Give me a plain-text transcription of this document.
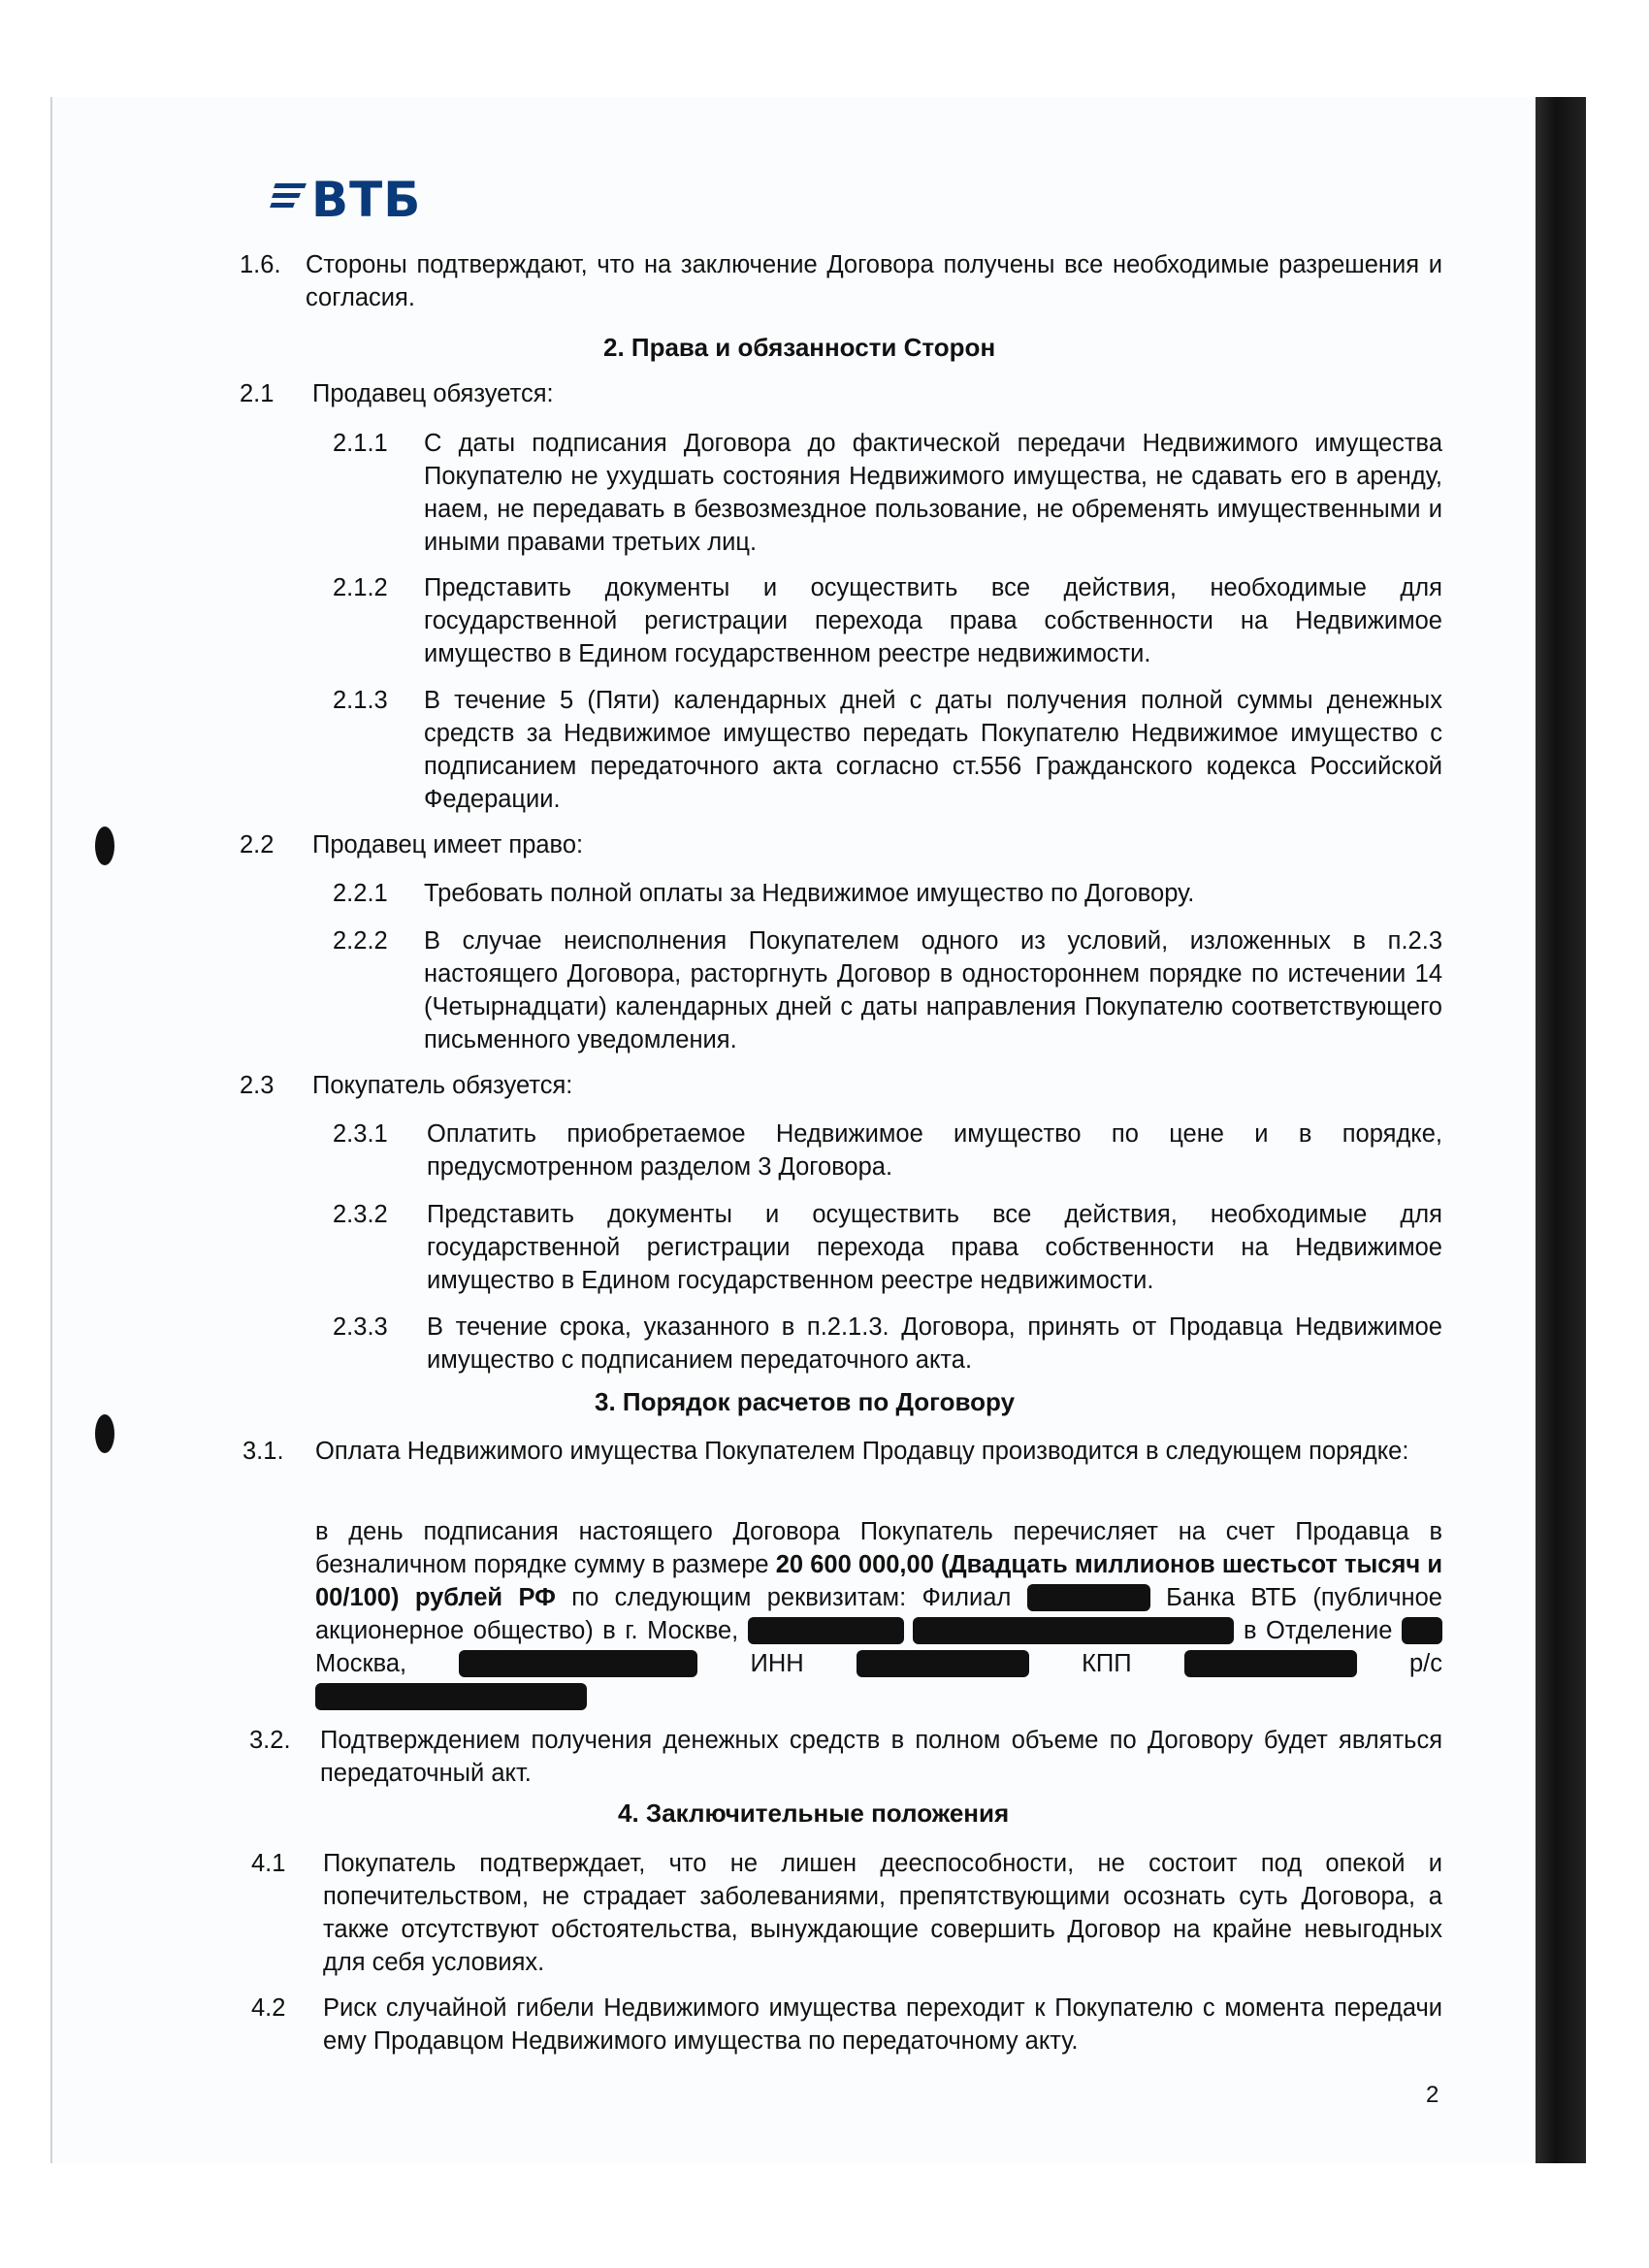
ВТБ
1.6. Стороны подтверждают, что на заключение Договора получены все необходимые разрешения и согласия.
2. Права и обязанности Сторон
2.1 Продавец обязуется:
2.1.1 С даты подписания Договора до фактической передачи Недвижимого имущества Покупателю не ухудшать состояния Недвижимого имущества, не сдавать его в аренду, наем, не передавать в безвозмездное пользование, не обременять имущественными и иными правами третьих лиц.
2.1.2 Представить документы и осуществить все действия, необходимые для государственной регистрации перехода права собственности на Недвижимое имущество в Едином государственном реестре недвижимости.
2.1.3 В течение 5 (Пяти) календарных дней с даты получения полной суммы денежных средств за Недвижимое имущество передать Покупателю Недвижимое имущество с подписанием передаточного акта согласно ст.556 Гражданского кодекса Российской Федерации.
2.2 Продавец имеет право:
2.2.1 Требовать полной оплаты за Недвижимое имущество по Договору.
2.2.2 В случае неисполнения Покупателем одного из условий, изложенных в п.2.3 настоящего Договора, расторгнуть Договор в одностороннем порядке по истечении 14 (Четырнадцати) календарных дней с даты направления Покупателю соответствующего письменного уведомления.
2.3 Покупатель обязуется:
2.3.1 Оплатить приобретаемое Недвижимое имущество по цене и в порядке, предусмотренном разделом 3 Договора.
2.3.2 Представить документы и осуществить все действия, необходимые для государственной регистрации перехода права собственности на Недвижимое имущество в Едином государственном реестре недвижимости.
2.3.3 В течение срока, указанного в п.2.1.3. Договора, принять от Продавца Недвижимое имущество с подписанием передаточного акта.
3. Порядок расчетов по Договору
3.1. Оплата Недвижимого имущества Покупателем Продавцу производится в следующем порядке:
в день подписания настоящего Договора Покупатель перечисляет на счет Продавца в безналичном порядке сумму в размере 20 600 000,00 (Двадцать миллионов шестьсот тысяч и 00/100) рублей РФ по следующим реквизитам: Филиал XXXXXXX Банка ВТБ (публичное акционерное общество) в г. Москве, XXXXXXXXX XXXXXXXXXXXXXXXXXXX в Отделение XX Москва, XXXXXXXXXXXXXX ИНН XXXXXXXXXX КПП XXXXXXXXXX р/с XXXXXXXXXXXXXXXX
3.2. Подтверждением получения денежных средств в полном объеме по Договору будет являться передаточный акт.
4. Заключительные положения
4.1 Покупатель подтверждает, что не лишен дееспособности, не состоит под опекой и попечительством, не страдает заболеваниями, препятствующими осознать суть Договора, а также отсутствуют обстоятельства, вынуждающие совершить Договор на крайне невыгодных для себя условиях.
4.2 Риск случайной гибели Недвижимого имущества переходит к Покупателю с момента передачи ему Продавцом Недвижимого имущества по передаточному акту.
2
